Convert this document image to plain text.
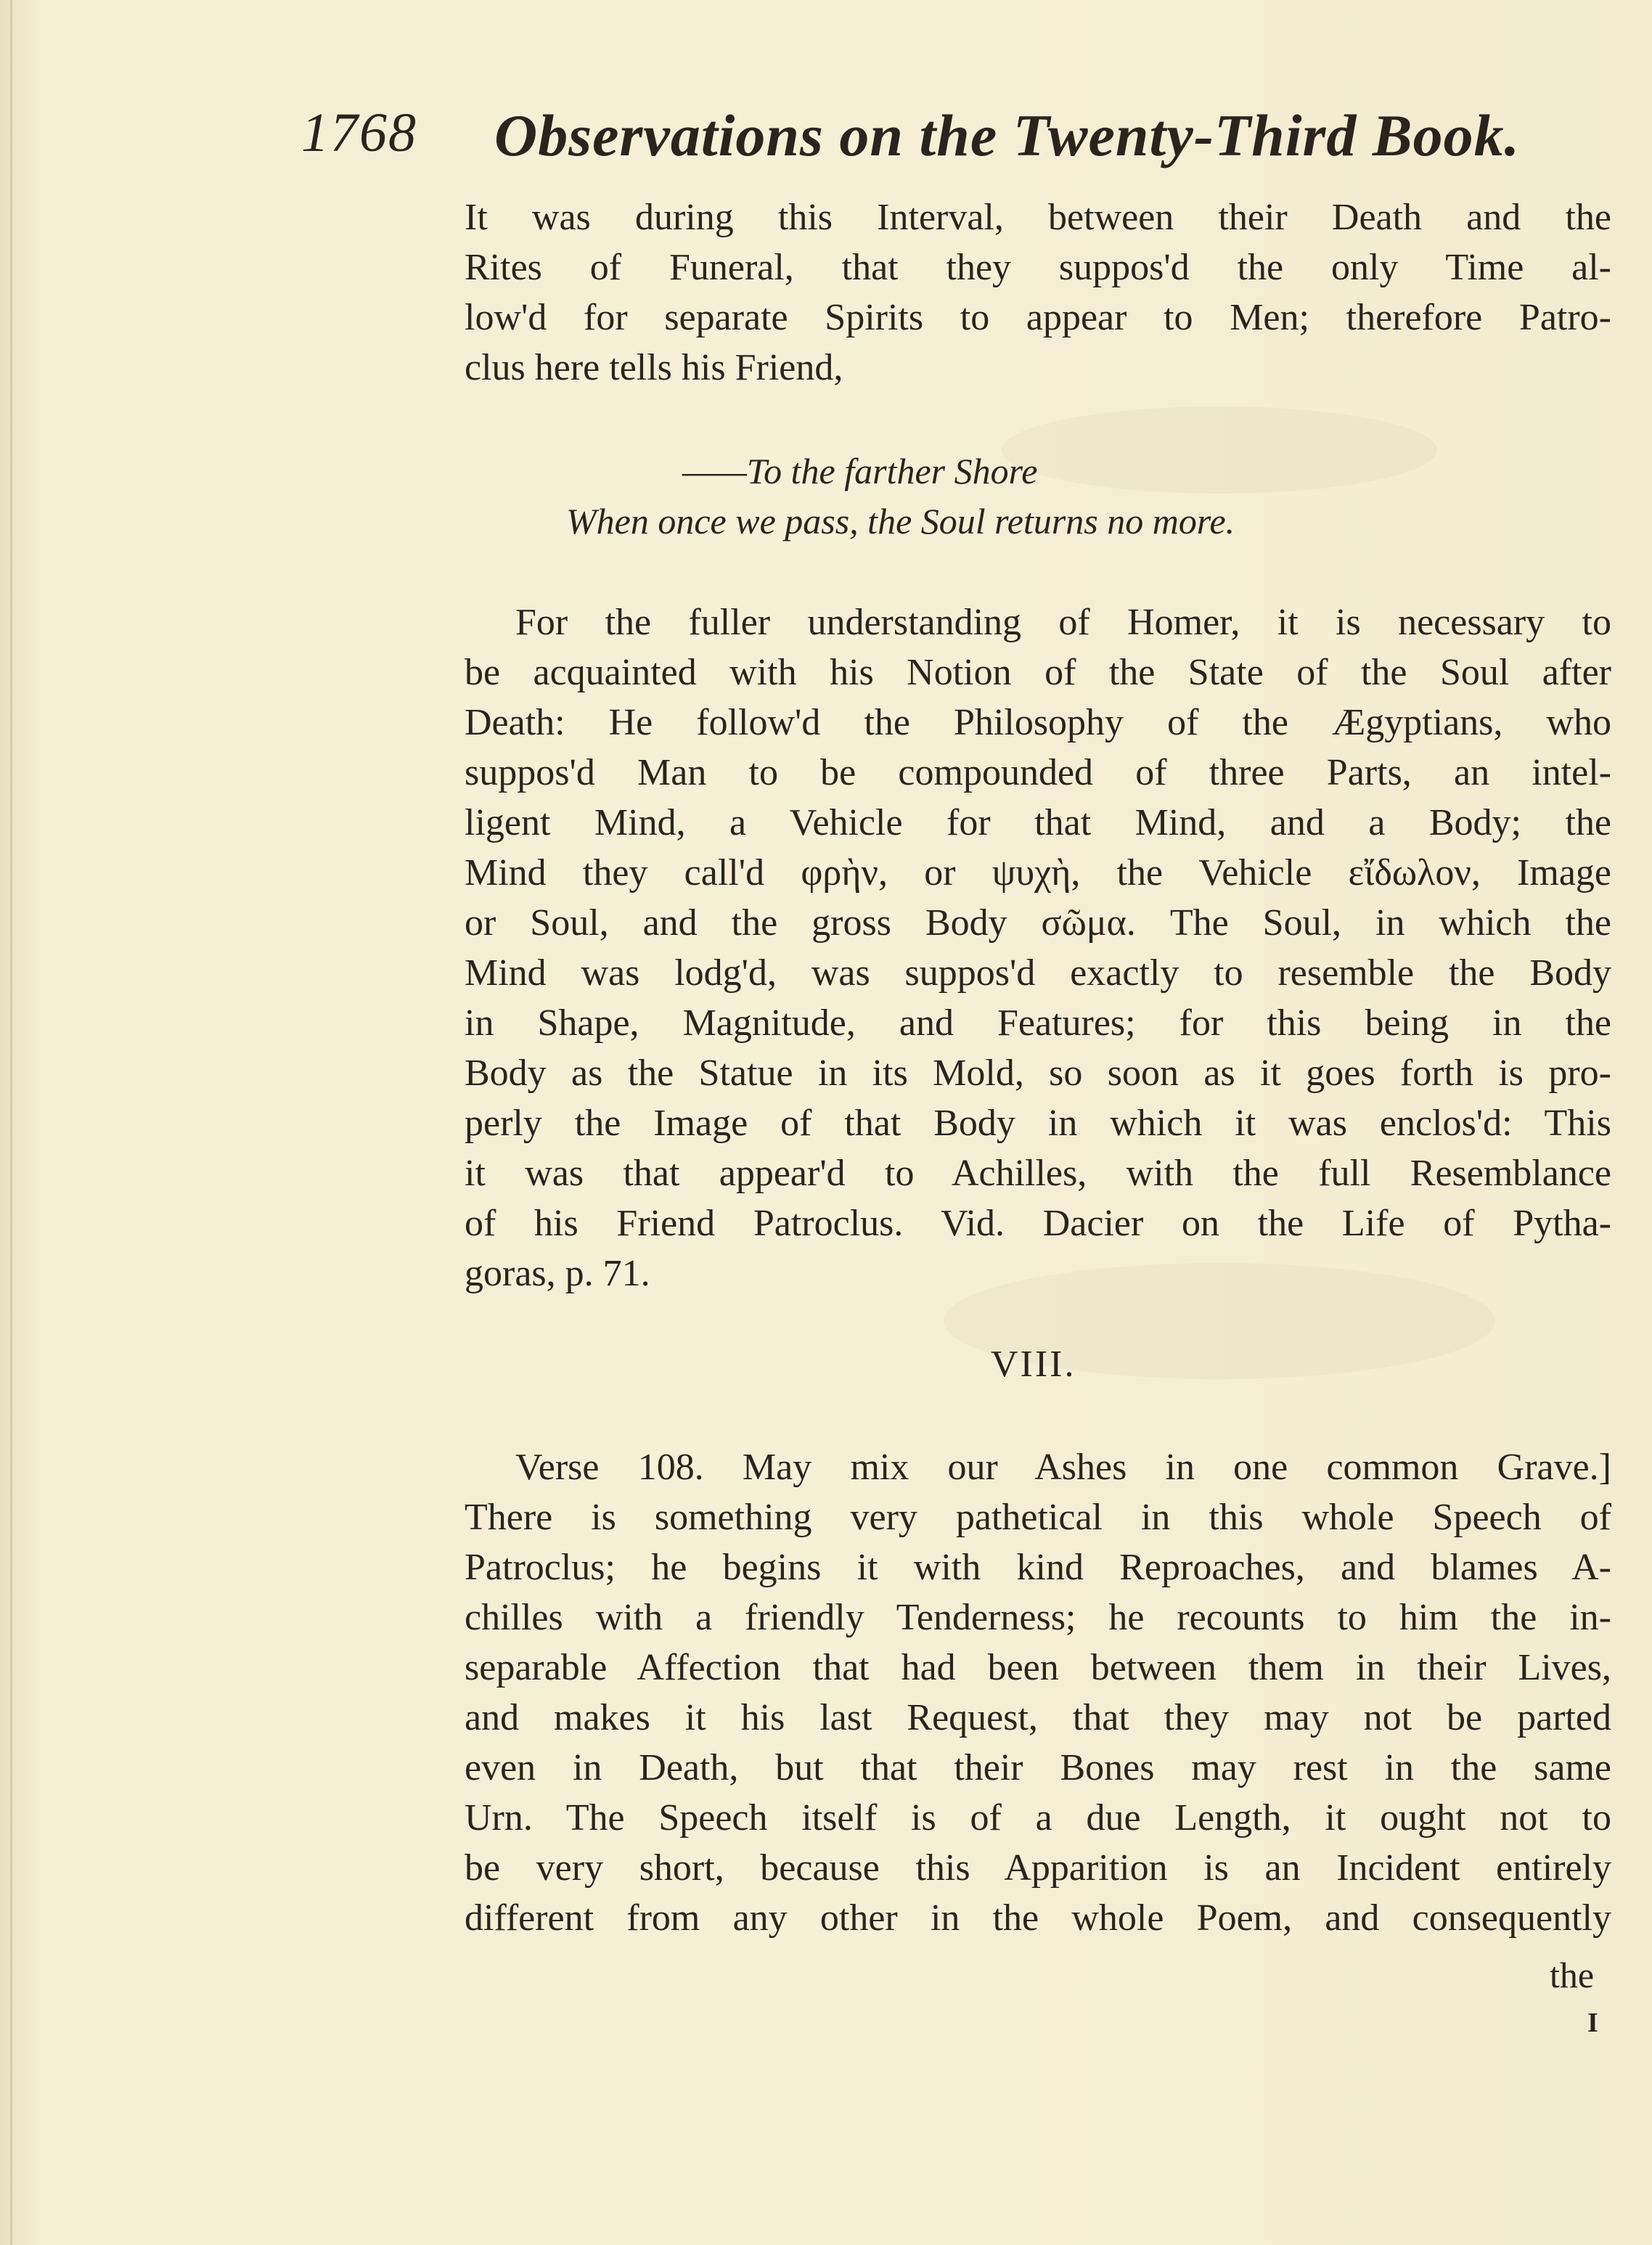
1768 Observations on the Twenty-Third Book.
It was during this Interval, between their Death and the
Rites of Funeral, that they suppos'd the only Time al-
low'd for separate Spirits to appear to Men; therefore Patro-
clus here tells his Friend,
——To the farther Shore
When once we pass, the Soul returns no more.
For the fuller understanding of Homer, it is necessary to
be acquainted with his Notion of the State of the Soul after
Death: He follow'd the Philosophy of the Ægyptians, who
suppos'd Man to be compounded of three Parts, an intel-
ligent Mind, a Vehicle for that Mind, and a Body; the
Mind they call'd φρὴν, or ψυχὴ, the Vehicle εἴδωλον, Image
or Soul, and the gross Body σῶμα. The Soul, in which the
Mind was lodg'd, was suppos'd exactly to resemble the Body
in Shape, Magnitude, and Features; for this being in the
Body as the Statue in its Mold, so soon as it goes forth is pro-
perly the Image of that Body in which it was enclos'd: This
it was that appear'd to Achilles, with the full Resemblance
of his Friend Patroclus. Vid. Dacier on the Life of Pytha-
goras, p. 71.
VIII.
Verse 108. May mix our Ashes in one common Grave.]
There is something very pathetical in this whole Speech of
Patroclus; he begins it with kind Reproaches, and blames A-
chilles with a friendly Tenderness; he recounts to him the in-
separable Affection that had been between them in their Lives,
and makes it his last Request, that they may not be parted
even in Death, but that their Bones may rest in the same
Urn. The Speech itself is of a due Length, it ought not to
be very short, because this Apparition is an Incident entirely
different from any other in the whole Poem, and consequently
the
I
